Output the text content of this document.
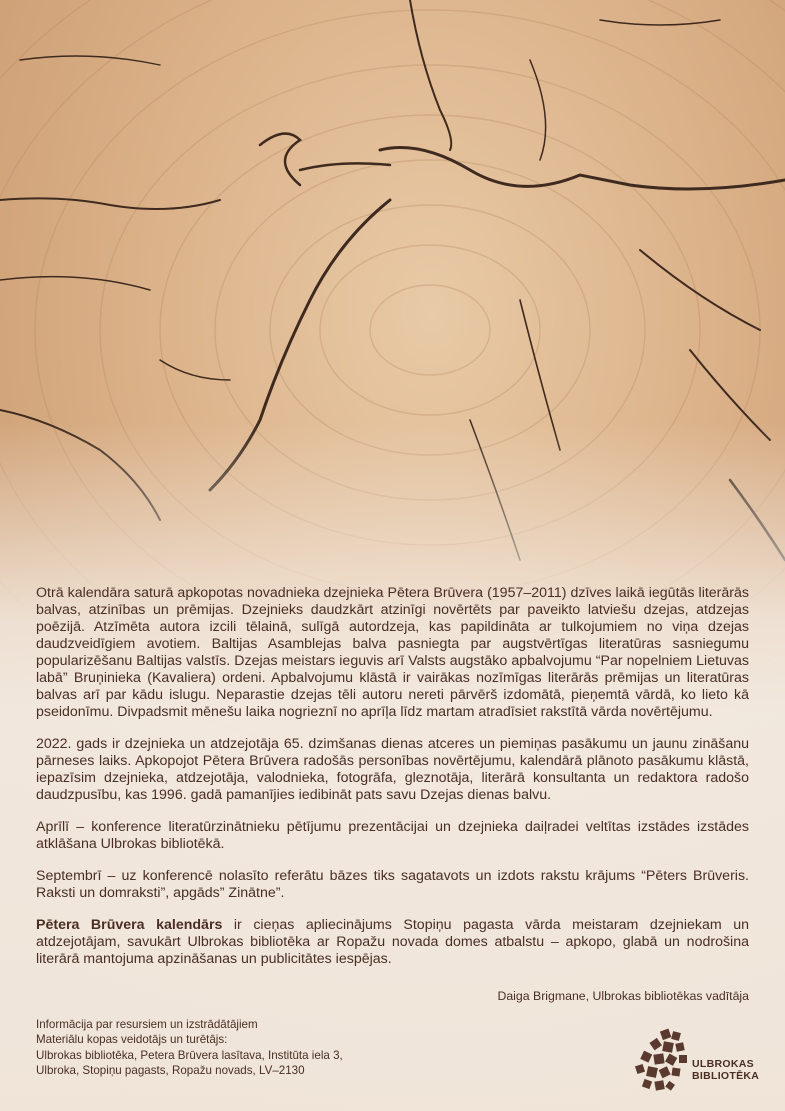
Otrā kalendāra saturā apkopotas novadnieka dzejnieka Pētera Brūvera (1957–2011) dzīves laikā iegūtās literārās balvas, atzinības un prēmijas. Dzejnieks daudzkārt atzinīgi novērtēts par paveikto latviešu dzejas, atdzejas poēzijā. Atzīmēta autora izcili tēlainā, sulīgā autordzeja, kas papildināta ar tulkojumiem no viņa dzejas daudzveidīgiem avotiem. Baltijas Asamblejas balva pasniegta par augstvērtīgas literatūras sasniegumu popularizēšanu Baltijas valstīs. Dzejas meistars ieguvis arī Valsts augstāko apbalvojumu “Par nopelniem Lietuvas labā” Bruņinieka (Kavaliera) ordeni. Apbalvojumu klāstā ir vairākas nozīmīgas literārās prēmijas un literatūras balvas arī par kādu islugu. Neparastie dzejas tēli autoru nereti pārvērš izdomātā, pieņemtā vārdā, ko lieto kā pseidonīmu. Divpadsmit mēnešu laika nogrieznī no aprīļa līdz martam atradīsiet rakstītā vārda novērtējumu.

2022. gads ir dzejnieka un atdzejotāja 65. dzimšanas dienas atceres un piemiņas pasākumu un jaunu zināšanu pārneses laiks. Apkopojot Pētera Brūvera radošās personības novērtējumu, kalendārā plānoto pasākumu klāstā, iepazīsim dzejnieka, atdzejotāja, valodnieka, fotogrāfa, gleznotāja, literārā konsultanta un redaktora radošo daudzpusību, kas 1996. gadā pamanījies iedibināt pats savu Dzejas dienas balvu.

Aprīlī – konference literatūrzinātnieku pētījumu prezentācijai un dzejnieka daiļradei veltītas izstādes izstādes atklāšana Ulbrokas bibliotēkā.

Septembrī – uz konferencē nolasīto referātu bāzes tiks sagatavots un izdots rakstu krājums “Pēters Brūveris. Raksti un domraksti”, apgāds” Zinātne”.

Pētera Brūvera kalendārs ir cieņas apliecinājums Stopiņu pagasta vārda meistaram dzejniekam un atdzejotājam, savukārt Ulbrokas bibliotēka ar Ropažu novada domes atbalstu – apkopo, glabā un nodrošina literārā mantojuma apzināšanas un publicitātes iespējas.

Daiga Brigmane, Ulbrokas bibliotēkas vadītāja
Informācija par resursiem un izstrādātājiem
Materiālu kopas veidotājs un turētājs:
Ulbrokas bibliotēka, Petera Brūvera lasītava, Institūta iela 3,
Ulbroka, Stopiņu pagasts, Ropažu novads, LV–2130
ULBROKAS
BIBLIOTĒKA
